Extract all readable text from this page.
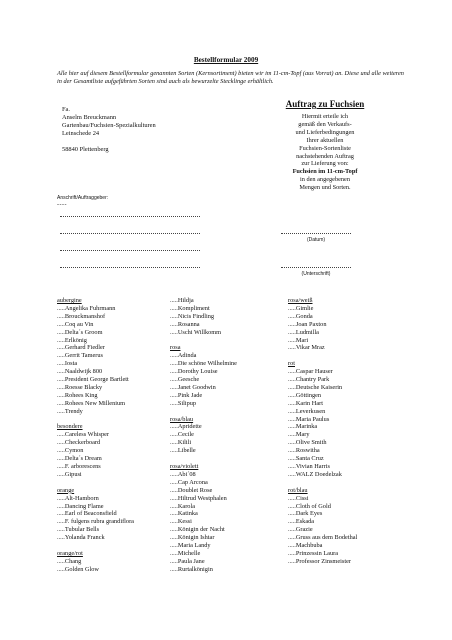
Bestellformular 2009
Alle hier auf diesem Bestellformular genannten Sorten (Kernsortiment) bieten wir im 11-cm-Topf (aus Vorrat) an. Diese und alle weiteren in der Gesamtliste aufgeführten Sorten sind auch als bewurzelte Stecklinge erhältlich.
Fa.
Anselm Breuckmann
Gartenbau/Fuchsien-Spezialkulturen
Leinschede 24
58840 Plettenberg
Auftrag zu Fuchsien
Hiermit erteile ich
gemäß den Verkaufs-
und Lieferbedingungen
Ihrer aktuellen
Fuchsien-Sortenliste
nachstehenden Auftrag
zur Lieferung von:
Fuchsien im 11-cm-Topf
in den angegebenen
Mengen und Sorten.
Anschrift/Auftraggeber:
----
(Datum)
(Unterschrift)
aubergine
.....Angelika Fuhrmann
.....Brouckmanshof
.....Coq au Vin
.....Delta´s Groom
.....Erlkönig
.....Gerhard Fiedler
.....Gerrit Tamerus
.....Iosta
.....Naaldwijk 800
.....President George Bartlett
.....Roesse Blacky
.....Rohees King
.....Rohees New Millenium
.....Trendy
besondere
.....Careless Whisper
.....Checkerboard
.....Cymon
.....Delta´s Dream
.....F. arborescens
.....Gipusi
orange
.....Alt-Hamborn
.....Dancing Flame
.....Earl of Beaconsfield
.....F. fulgens rubra grandiflora
.....Tubular Bells
.....Yolanda Franck
orange/rot
.....Chang
.....Golden Glow
.....Hildja
.....Kompliment
.....Nicis Findling
.....Rosanna
.....Uschi Willkomm
rosa
.....Adinda
.....Die schöne Wilhelmine
.....Dorothy Louise
.....Geesche
.....Janet Goodwin
.....Pink Jade
.....Silipup
rosa/blau
.....Apridette
.....Cecile
.....Kilili
.....Libelle
rosa/violett
.....Abi´08
.....Cap Arcona
.....Doublet Rose
.....Hiltrud Westphalen
.....Karola
.....Katinka
.....Kessi
.....Königin der Nacht
.....Königin Ishtar
.....Maria Landy
.....Michelle
.....Paula Jane
.....Rurtalkönigin
rosa/weiß
.....Gimlie
.....Gonda
.....Joan Paxton
.....Ludmilla
.....Mari
.....Vikar Mraz
rot
.....Caspar Hauser
.....Chantry Park
.....Deutsche Kaiserin
.....Göttingen
.....Karin Hart
.....Leverkusen
.....Maria Paulus
.....Marinka
.....Mary
.....Olive Smith
.....Roswitha
.....Santa Cruz
.....Vivian Harris
.....WALZ Doedelzak
rot/blau
.....Cissi
.....Cloth of Gold
.....Dark Eyes
.....Eskada
.....Grazie
.....Gruss aus dem Bodethal
.....Machbuba
.....Prinzessin Laura
.....Professor Zinsmeister
